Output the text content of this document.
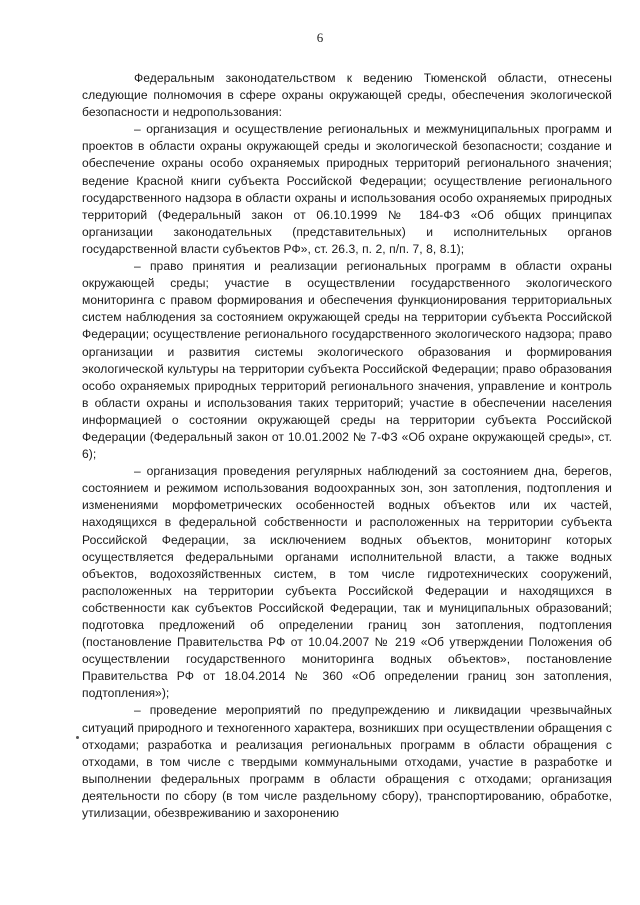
6

Федеральным законодательством к ведению Тюменской области, отнесены следующие полномочия в сфере охраны окружающей среды, обеспечения экологической безопасности и недропользования:

– организация и осуществление региональных и межмуниципальных программ и проектов в области охраны окружающей среды и экологической безопасности; создание и обеспечение охраны особо охраняемых природных территорий регионального значения; ведение Красной книги субъекта Российской Федерации; осуществление регионального государственного надзора в области охраны и использования особо охраняемых природных территорий (Федеральный закон от 06.10.1999 № 184-ФЗ «Об общих принципах организации законодательных (представительных) и исполнительных органов государственной власти субъектов РФ», ст. 26.3, п. 2, п/п. 7, 8, 8.1);

– право принятия и реализации региональных программ в области охраны окружающей среды; участие в осуществлении государственного экологического мониторинга с правом формирования и обеспечения функционирования территориальных систем наблюдения за состоянием окружающей среды на территории субъекта Российской Федерации; осуществление регионального государственного экологического надзора; право организации и развития системы экологического образования и формирования экологической культуры на территории субъекта Российской Федерации; право образования особо охраняемых природных территорий регионального значения, управление и контроль в области охраны и использования таких территорий; участие в обеспечении населения информацией о состоянии окружающей среды на территории субъекта Российской Федерации (Федеральный закон от 10.01.2002 № 7-ФЗ «Об охране окружающей среды», ст. 6);

– организация проведения регулярных наблюдений за состоянием дна, берегов, состоянием и режимом использования водоохранных зон, зон затопления, подтопления и изменениями морфометрических особенностей водных объектов или их частей, находящихся в федеральной собственности и расположенных на территории субъекта Российской Федерации, за исключением водных объектов, мониторинг которых осуществляется федеральными органами исполнительной власти, а также водных объектов, водохозяйственных систем, в том числе гидротехнических сооружений, расположенных на территории субъекта Российской Федерации и находящихся в собственности как субъектов Российской Федерации, так и муниципальных образований; подготовка предложений об определении границ зон затопления, подтопления (постановление Правительства РФ от 10.04.2007 № 219 «Об утверждении Положения об осуществлении государственного мониторинга водных объектов», постановление Правительства РФ от 18.04.2014 № 360 «Об определении границ зон затопления, подтопления»);

– проведение мероприятий по предупреждению и ликвидации чрезвычайных ситуаций природного и техногенного характера, возникших при осуществлении обращения с отходами; разработка и реализация региональных программ в области обращения с отходами, в том числе с твердыми коммунальными отходами, участие в разработке и выполнении федеральных программ в области обращения с отходами; организация деятельности по сбору (в том числе раздельному сбору), транспортированию, обработке, утилизации, обезвреживанию и захоронению
